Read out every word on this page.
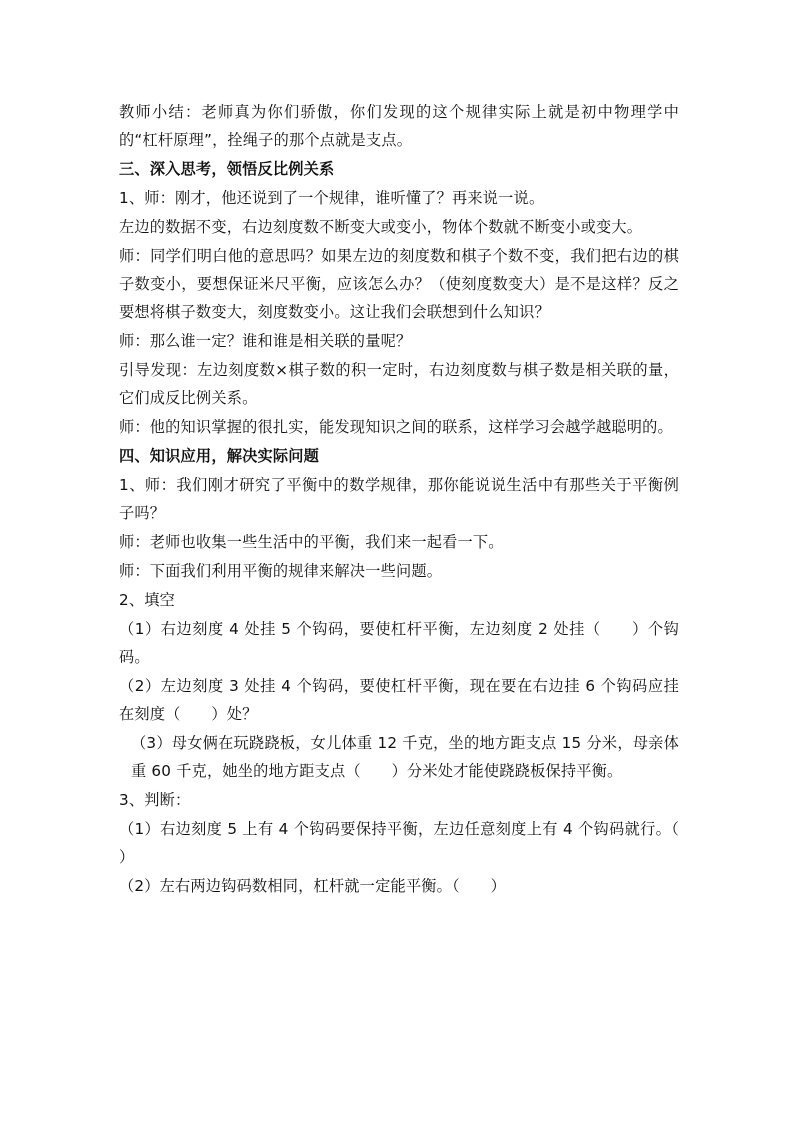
教师小结：老师真为你们骄傲，你们发现的这个规律实际上就是初中物理学中的“杠杆原理”，拴绳子的那个点就是支点。

三、深入思考，领悟反比例关系

1、师：刚才，他还说到了一个规律，谁听懂了？再来说一说。

左边的数据不变，右边刻度数不断变大或变小，物体个数就不断变小或变大。

师：同学们明白他的意思吗？如果左边的刻度数和棋子个数不变，我们把右边的棋子数变小，要想保证米尺平衡，应该怎么办？（使刻度数变大）是不是这样？反之要想将棋子数变大，刻度数变小。这让我们会联想到什么知识？

师：那么谁一定？谁和谁是相关联的量呢？

引导发现：左边刻度数×棋子数的积一定时，右边刻度数与棋子数是相关联的量，它们成反比例关系。

师：他的知识掌握的很扎实，能发现知识之间的联系，这样学习会越学越聪明的。

四、知识应用，解决实际问题

1、师：我们刚才研究了平衡中的数学规律，那你能说说生活中有那些关于平衡例子吗？

师：老师也收集一些生活中的平衡，我们来一起看一下。

师：下面我们利用平衡的规律来解决一些问题。

2、填空

（1）右边刻度 4 处挂 5 个钩码，要使杠杆平衡，左边刻度 2 处挂（　　）个钩码。

（2）左边刻度 3 处挂 4 个钩码，要使杠杆平衡，现在要在右边挂 6 个钩码应挂在刻度（　　）处？

（3）母女俩在玩跷跷板，女儿体重 12 千克，坐的地方距支点 15 分米，母亲体重 60 千克，她坐的地方距支点（　　）分米处才能使跷跷板保持平衡。

3、判断：

（1）右边刻度 5 上有 4 个钩码要保持平衡，左边任意刻度上有 4 个钩码就行。（　　）

（2）左右两边钩码数相同，杠杆就一定能平衡。（　　）
